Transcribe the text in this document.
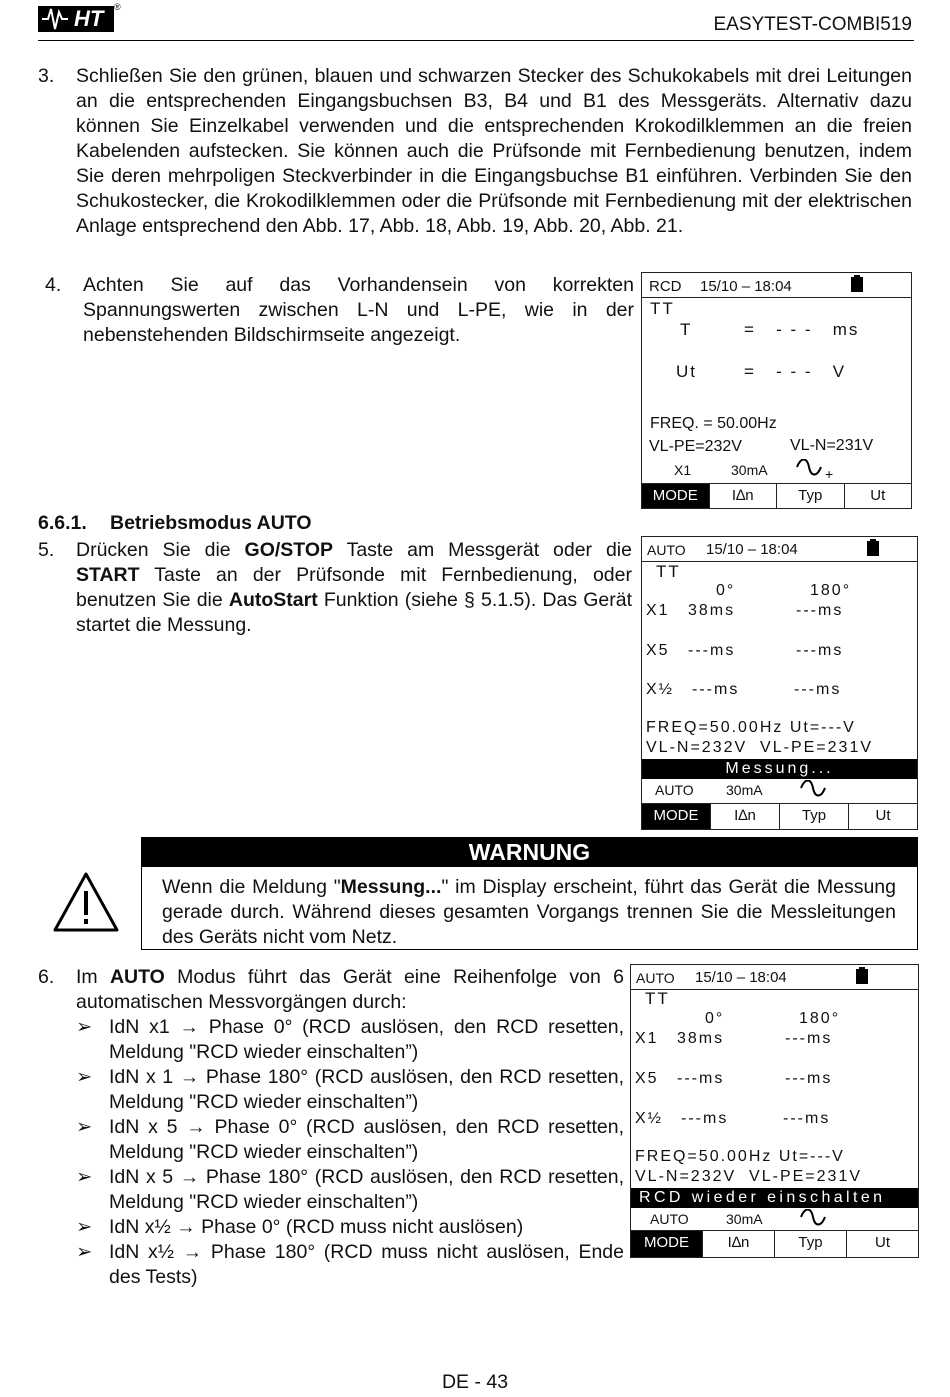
HT ®
EASYTEST-COMBI519
3. Schließen Sie den grünen, blauen und schwarzen Stecker des Schukokabels mit drei Leitungen an die entsprechenden Eingangsbuchsen B3, B4 und B1 des Messgeräts. Alternativ dazu können Sie Einzelkabel verwenden und die entsprechenden Krokodilklemmen an die freien Kabelenden aufstecken. Sie können auch die Prüfsonde mit Fernbedienung benutzen, indem Sie deren mehrpoligen Steckverbinder in die Eingangsbuchse B1 einführen. Verbinden Sie den Schukostecker, die Krokodilklemmen oder die Prüfsonde mit Fernbedienung mit der elektrischen Anlage entsprechend den Abb. 17, Abb. 18, Abb. 19, Abb. 20, Abb. 21.
4. Achten Sie auf das Vorhandensein von korrekten Spannungswerten zwischen L-N und L-PE, wie in der nebenstehenden Bildschirmseite angezeigt.
RCD 15/10 – 18:04
TT
T	=   - - -   ms
Ut	=   - - -   V
FREQ. = 50.00Hz
VL-PE=232V	VL-N=231V
X1	30mA	+
MODE	I∆n	Typ	Ut
6.6.1. Betriebsmodus AUTO
5. Drücken Sie die GO/STOP Taste am Messgerät oder die START Taste an der Prüfsonde mit Fernbedienung, oder benutzen Sie die AutoStart Funktion (siehe § 5.1.5). Das Gerät startet die Messung.
AUTO 15/10 – 18:04
TT
0°	180°
X1 38ms	---ms
X5 ---ms	---ms
X½ ---ms	---ms
FREQ=50.00Hz Ut=---V
VL-N=232V  VL-PE=231V
Messung...
AUTO 30mA
MODE	I∆n	Typ	Ut
WARNUNG
Wenn die Meldung "Messung..." im Display erscheint, führt das Gerät die Messung gerade durch. Während dieses gesamten Vorgangs trennen Sie die Messleitungen des Geräts nicht vom Netz.
6. Im AUTO Modus führt das Gerät eine Reihenfolge von 6 automatischen Messvorgängen durch:
➢ IdN x1 → Phase 0° (RCD auslösen, den RCD resetten, Meldung "RCD wieder einschalten”)
➢ IdN x 1 → Phase 180° (RCD auslösen, den RCD resetten, Meldung "RCD wieder einschalten”)
➢ IdN x 5 → Phase 0° (RCD auslösen, den RCD resetten, Meldung "RCD wieder einschalten”)
➢ IdN x 5 → Phase 180° (RCD auslösen, den RCD resetten, Meldung "RCD wieder einschalten”)
➢ IdN x½ → Phase 0° (RCD muss nicht auslösen)
➢ IdN x½ → Phase 180° (RCD muss nicht auslösen, Ende des Tests)
AUTO 15/10 – 18:04
TT
0°	180°
X1 38ms	---ms
X5 ---ms	---ms
X½ ---ms	---ms
FREQ=50.00Hz Ut=---V
VL-N=232V  VL-PE=231V
RCD wieder einschalten
AUTO	30mA
MODE	I∆n	Typ	Ut
DE - 43
